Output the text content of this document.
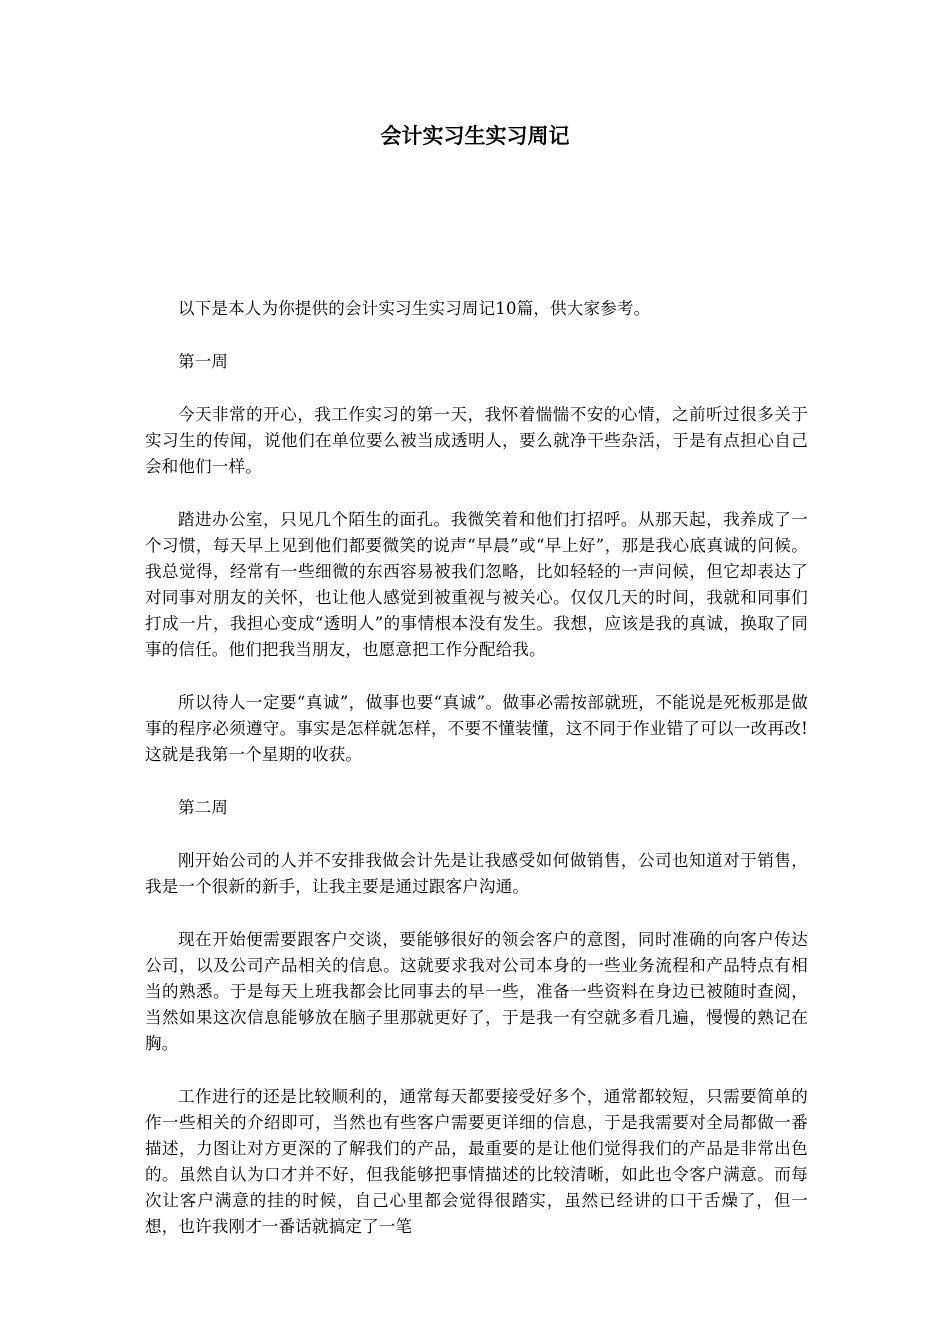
会计实习生实习周记

以下是本人为你提供的会计实习生实习周记10篇，供大家参考。

第一周

今天非常的开心，我工作实习的第一天，我怀着惴惴不安的心情，之前听过很多关于实习生的传闻，说他们在单位要么被当成透明人，要么就净干些杂活，于是有点担心自己会和他们一样。

踏进办公室，只见几个陌生的面孔。我微笑着和他们打招呼。从那天起，我养成了一个习惯，每天早上见到他们都要微笑的说声“早晨”或“早上好”，那是我心底真诚的问候。我总觉得，经常有一些细微的东西容易被我们忽略，比如轻轻的一声问候，但它却表达了对同事对朋友的关怀，也让他人感觉到被重视与被关心。仅仅几天的时间，我就和同事们打成一片，我担心变成“透明人”的事情根本没有发生。我想，应该是我的真诚，换取了同事的信任。他们把我当朋友，也愿意把工作分配给我。

所以待人一定要“真诚”，做事也要“真诚”。做事必需按部就班，不能说是死板那是做事的程序必须遵守。事实是怎样就怎样，不要不懂装懂，这不同于作业错了可以一改再改!这就是我第一个星期的收获。

第二周

刚开始公司的人并不安排我做会计先是让我感受如何做销售，公司也知道对于销售，我是一个很新的新手，让我主要是通过跟客户沟通。

现在开始便需要跟客户交谈，要能够很好的领会客户的意图，同时准确的向客户传达公司，以及公司产品相关的信息。这就要求我对公司本身的一些业务流程和产品特点有相当的熟悉。于是每天上班我都会比同事去的早一些，准备一些资料在身边已被随时查阅，当然如果这次信息能够放在脑子里那就更好了，于是我一有空就多看几遍，慢慢的熟记在胸。

工作进行的还是比较顺利的，通常每天都要接受好多个，通常都较短，只需要简单的作一些相关的介绍即可，当然也有些客户需要更详细的信息，于是我需要对全局都做一番描述，力图让对方更深的了解我们的产品，最重要的是让他们觉得我们的产品是非常出色的。虽然自认为口才并不好，但我能够把事情描述的比较清晰，如此也令客户满意。而每次让客户满意的挂的时候，自己心里都会觉得很踏实，虽然已经讲的口干舌燥了，但一想，也许我刚才一番话就搞定了一笔
